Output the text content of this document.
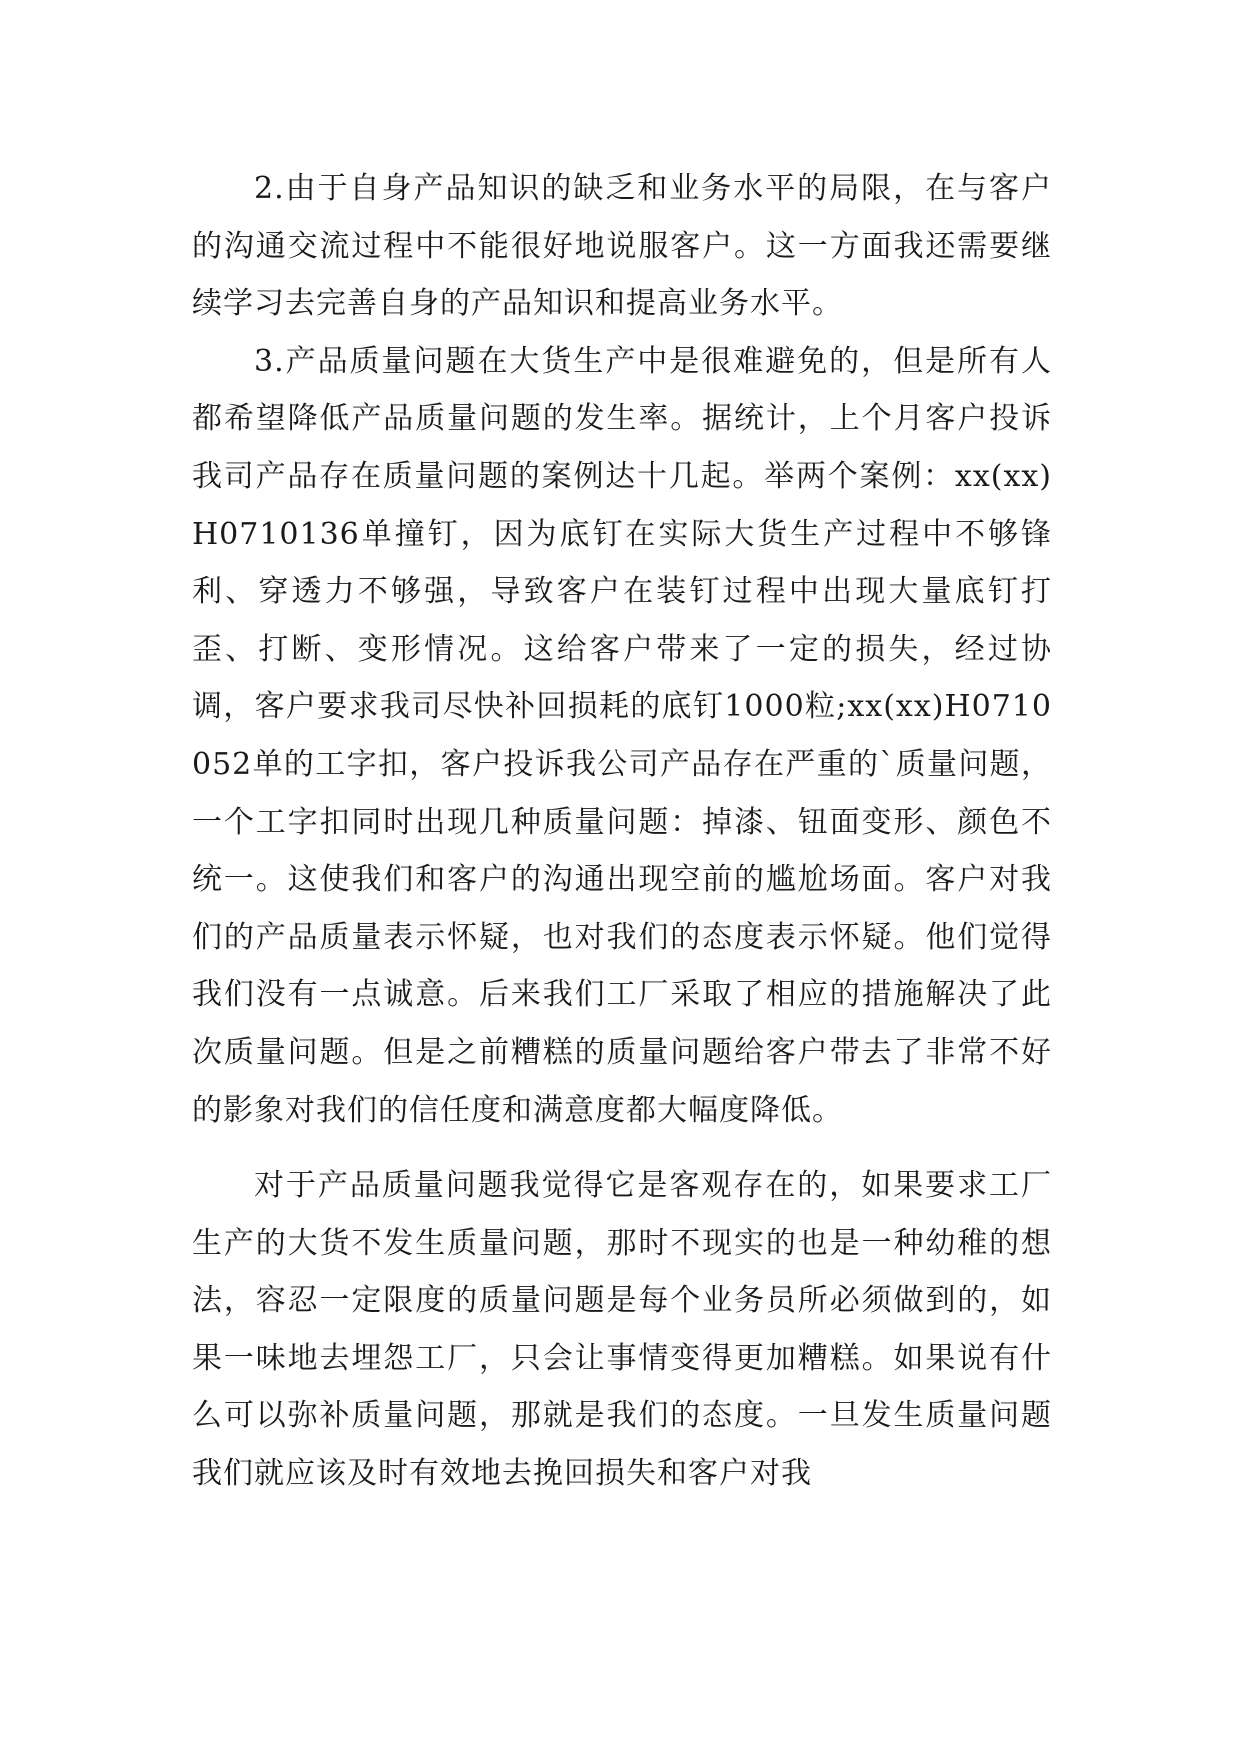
2.由于自身产品知识的缺乏和业务水平的局限，在与客户的沟通交流过程中不能很好地说服客户。这一方面我还需要继续学习去完善自身的产品知识和提高业务水平。

3.产品质量问题在大货生产中是很难避免的，但是所有人都希望降低产品质量问题的发生率。据统计，上个月客户投诉我司产品存在质量问题的案例达十几起。举两个案例：xx(xx)H0710136单撞钉，因为底钉在实际大货生产过程中不够锋利、穿透力不够强，导致客户在装钉过程中出现大量底钉打歪、打断、变形情况。这给客户带来了一定的损失，经过协调，客户要求我司尽快补回损耗的底钉1000粒;xx(xx)H0710052单的工字扣，客户投诉我公司产品存在严重的`质量问题，一个工字扣同时出现几种质量问题：掉漆、钮面变形、颜色不统一。这使我们和客户的沟通出现空前的尴尬场面。客户对我们的产品质量表示怀疑，也对我们的态度表示怀疑。他们觉得我们没有一点诚意。后来我们工厂采取了相应的措施解决了此次质量问题。但是之前糟糕的质量问题给客户带去了非常不好的影象对我们的信任度和满意度都大幅度降低。

对于产品质量问题我觉得它是客观存在的，如果要求工厂生产的大货不发生质量问题，那时不现实的也是一种幼稚的想法，容忍一定限度的质量问题是每个业务员所必须做到的，如果一味地去埋怨工厂，只会让事情变得更加糟糕。如果说有什么可以弥补质量问题，那就是我们的态度。一旦发生质量问题我们就应该及时有效地去挽回损失和客户对我
